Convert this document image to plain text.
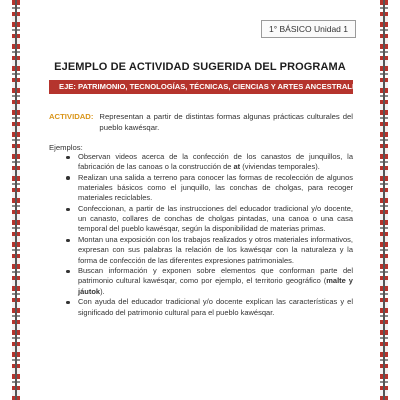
1° BÁSICO Unidad 1
EJEMPLO DE ACTIVIDAD SUGERIDA DEL PROGRAMA
EJE: PATRIMONIO, TECNOLOGÍAS, TÉCNICAS, CIENCIAS Y ARTES ANCESTRALES
ACTIVIDAD: Representan a partir de distintas formas algunas prácticas culturales del pueblo kawésqar.
Ejemplos:
Observan videos acerca de la confección de los canastos de junquillos, la fabricación de las canoas o la construcción de at (viviendas temporales).
Realizan una salida a terreno para conocer las formas de recolección de algunos materiales básicos como el junquillo, las conchas de cholgas, para recoger materiales reciclables.
Confeccionan, a partir de las instrucciones del educador tradicional y/o docente, un canasto, collares de conchas de cholgas pintadas, una canoa o una casa temporal del pueblo kawésqar, según la disponibilidad de materias primas.
Montan una exposición con los trabajos realizados y otros materiales informativos, expresan con sus palabras la relación de los kawésqar con la naturaleza y la forma de confección de las diferentes expresiones patrimoniales.
Buscan información y exponen sobre elementos que conforman parte del patrimonio cultural kawésqar, como por ejemplo, el territorio geográfico (malte y jáutok).
Con ayuda del educador tradicional y/o docente explican las características y el significado del patrimonio cultural para el pueblo kawésqar.
